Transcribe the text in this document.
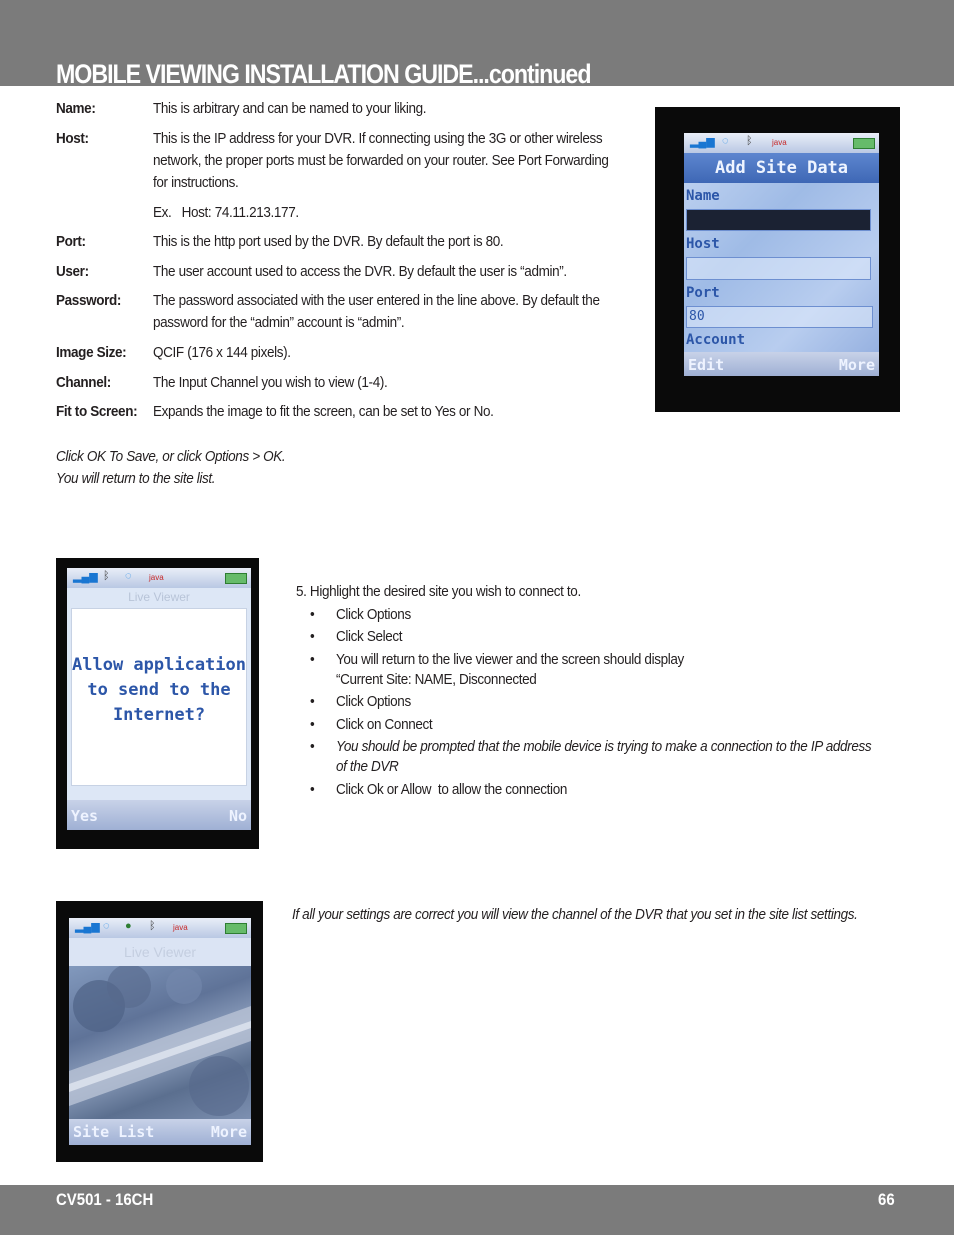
MOBILE VIEWING INSTALLATION GUIDE...continued
Name:	This is arbitrary and can be named to your liking.
Host:	This is the IP address for your DVR. If connecting using the 3G or other wireless
network, the proper ports must be forwarded on your router. See Port Forwarding
for instructions.
Ex.   Host: 74.11.213.177.
Port:	This is the http port used by the DVR. By default the port is 80.
User:	The user account used to access the DVR. By default the user is “admin”.
Password: The password associated with the user entered in the line above. By default the
password for the “admin” account is “admin”.
Image Size: QCIF (176 x 144 pixels).
Channel:	The Input Channel you wish to view (1-4).
Fit to Screen: Expands the image to fit the screen, can be set to Yes or No.
Click OK To Save, or click Options > OK.
You will return to the site list.
▂▄▆ ◌ ᛒ java
Add Site Data
Name
Host
Port
80
Account
Edit	More
▂▄▆ ᛒ ◌ java
Live Viewer
Allow application
to send to the
Internet?
Yes	No
5. Highlight the desired site you wish to connect to.
• Click Options
• Click Select
• You will return to the live viewer and the screen should display
“Current Site: NAME, Disconnected
• Click Options
• Click on Connect
• You should be prompted that the mobile device is trying to make a connection to the IP address
of the DVR
• Click Ok or Allow  to allow the connection
▂▄▆ ◌ ● ᛒ java
Live Viewer
Site List	More
If all your settings are correct you will view the channel of the DVR that you set in the site list settings.
CV501 - 16CH	66
